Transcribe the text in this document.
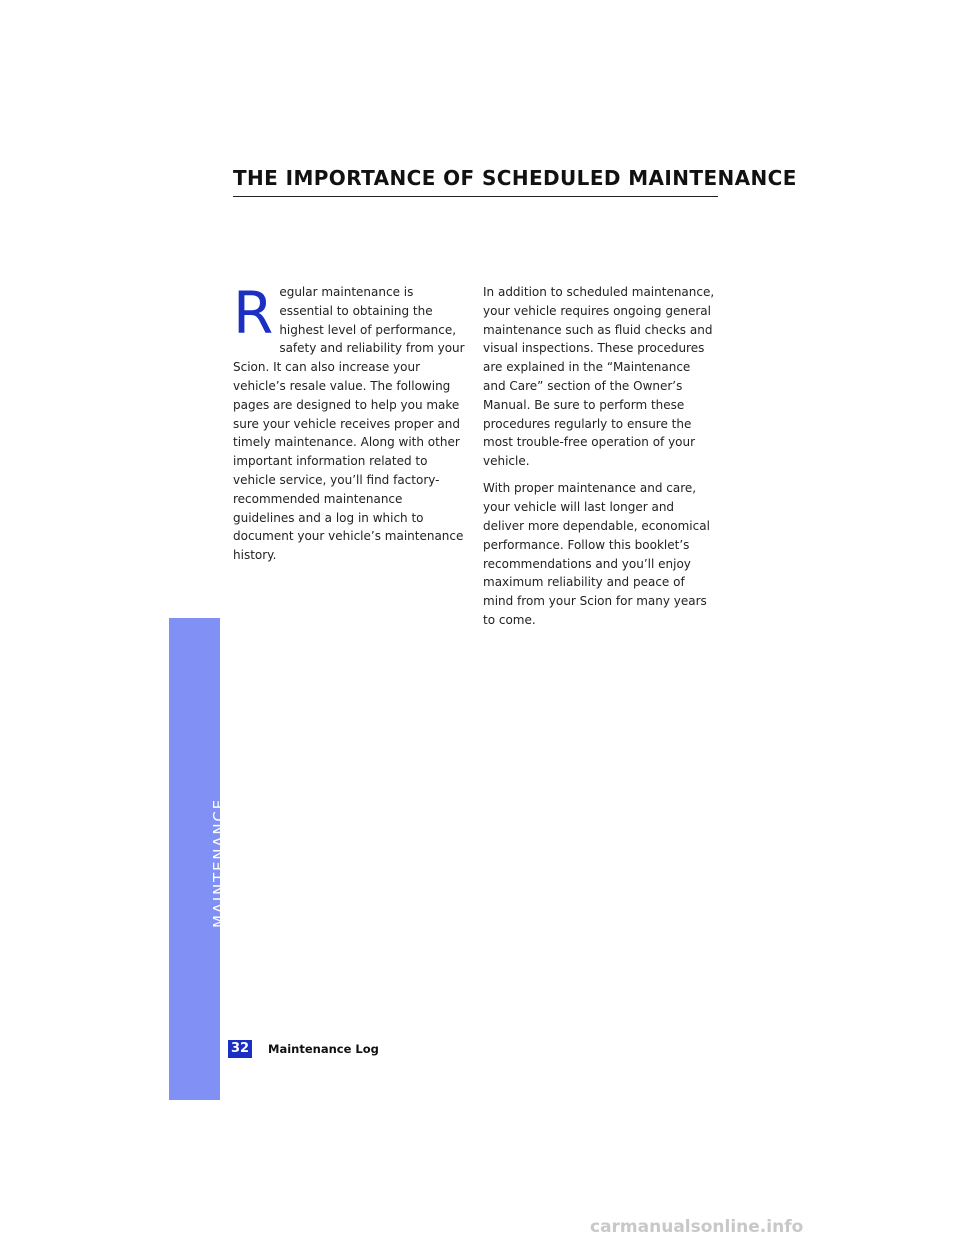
THE IMPORTANCE OF SCHEDULED MAINTENANCE

Regular maintenance is essential to obtaining the highest level of performance, safety and reliability from your Scion. It can also increase your vehicle’s resale value. The following pages are designed to help you make sure your vehicle receives proper and timely maintenance. Along with other important information related to vehicle service, you’ll find factory-recommended maintenance guidelines and a log in which to document your vehicle’s maintenance history.

In addition to scheduled maintenance, your vehicle requires ongoing general maintenance such as fluid checks and visual inspections. These procedures are explained in the “Maintenance and Care” section of the Owner’s Manual. Be sure to perform these procedures regularly to ensure the most trouble-free operation of your vehicle.

With proper maintenance and care, your vehicle will last longer and deliver more dependable, economical performance. Follow this booklet’s recommendations and you’ll enjoy maximum reliability and peace of mind from your Scion for many years to come.

MAINTENANCE
32 Maintenance Log
carmanualsonline.info
